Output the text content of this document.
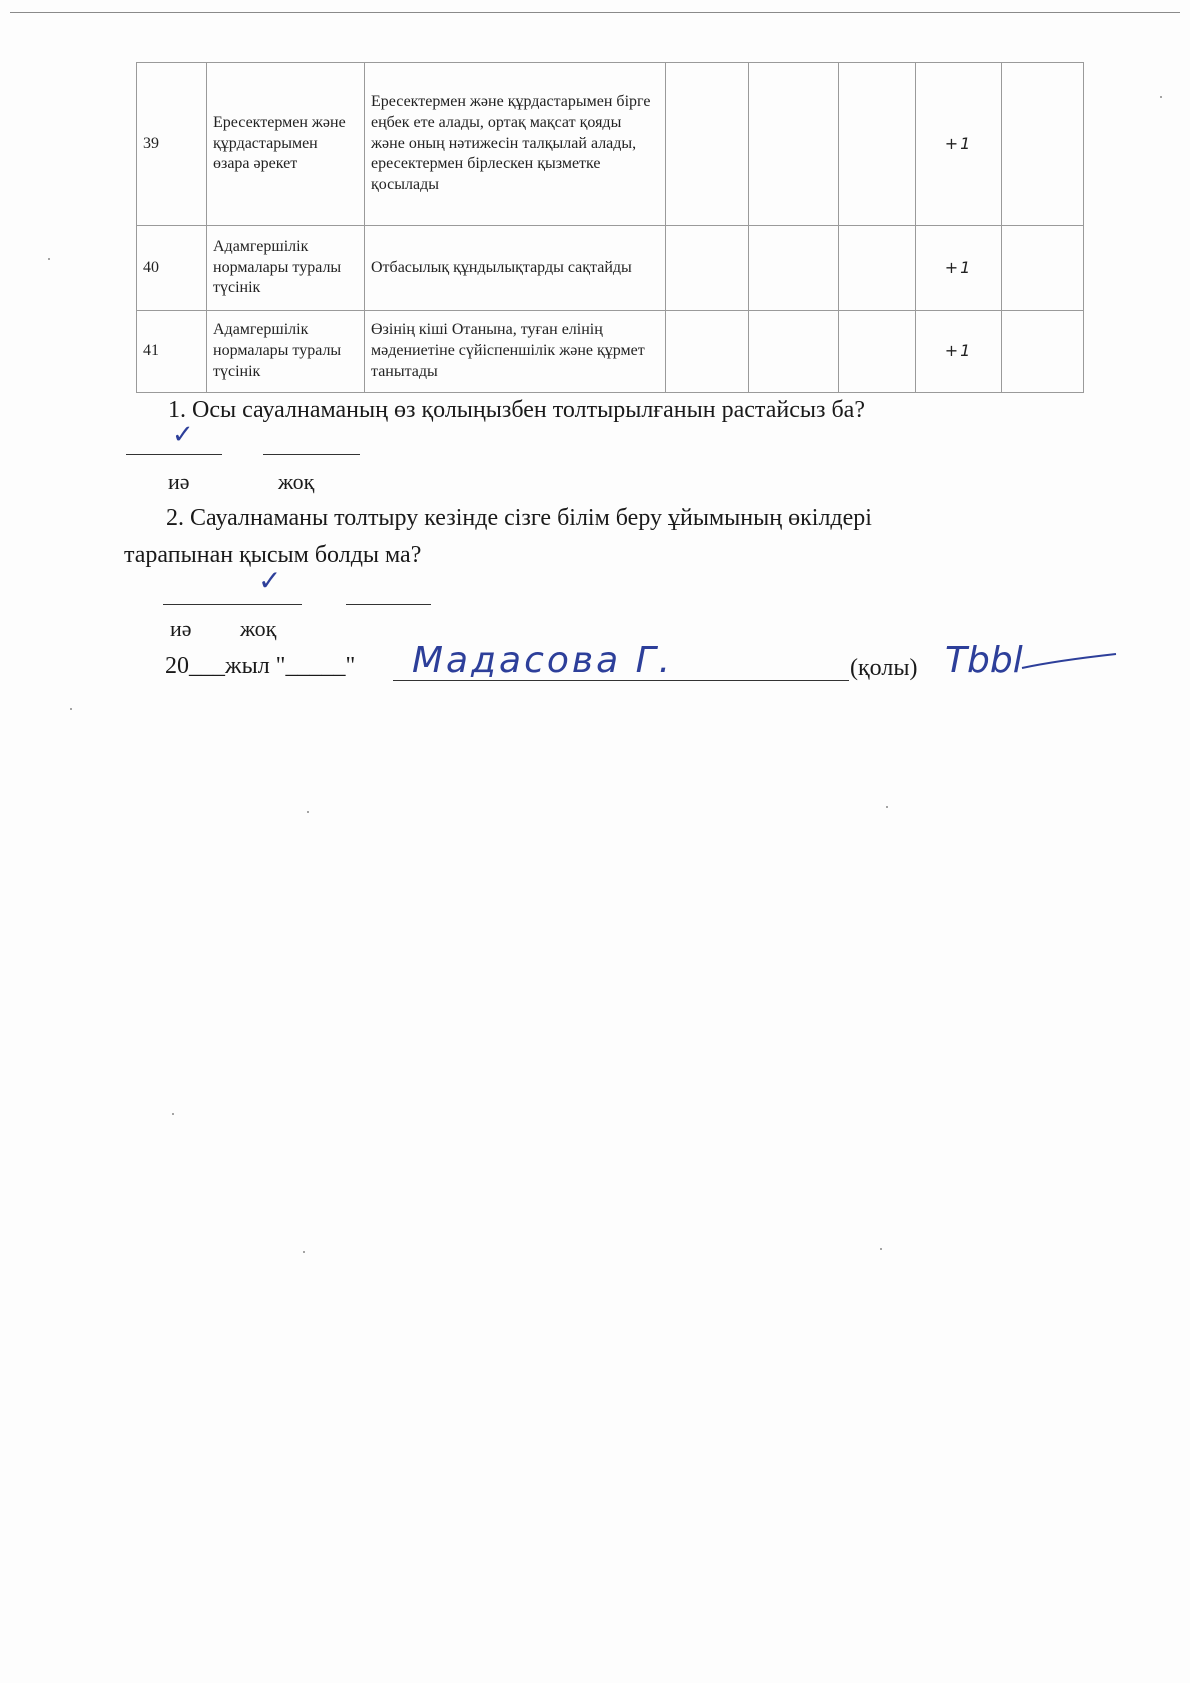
39	Ересектермен және құрдастарымен өзара әрекет	Ересектермен және құрдастарымен бірге еңбек ете алады, ортақ мақсат қояды және оның нәтижесін талқылай алады, ересектермен бірлескен қызметке қосылады				+1	
40	Адамгершілік нормалары туралы түсінік	Отбасылық құндылықтарды сақтайды				+1	
41	Адамгершілік нормалары туралы түсінік	Өзінің кіші Отанына, туған елінің мәдениетіне сүйіспеншілік және құрмет танытады				+1	
1. Осы сауалнаманың өз қолыңызбен толтырылғанын растайсыз ба?
✓
иә	жоқ
2. Сауалнаманы толтыру кезінде сізге білім беру ұйымының өкілдері
тарапынан қысым болды ма?
✓
иә жоқ
20___жыл "_____" Мадасова Г.	(қолы) Tbbl
